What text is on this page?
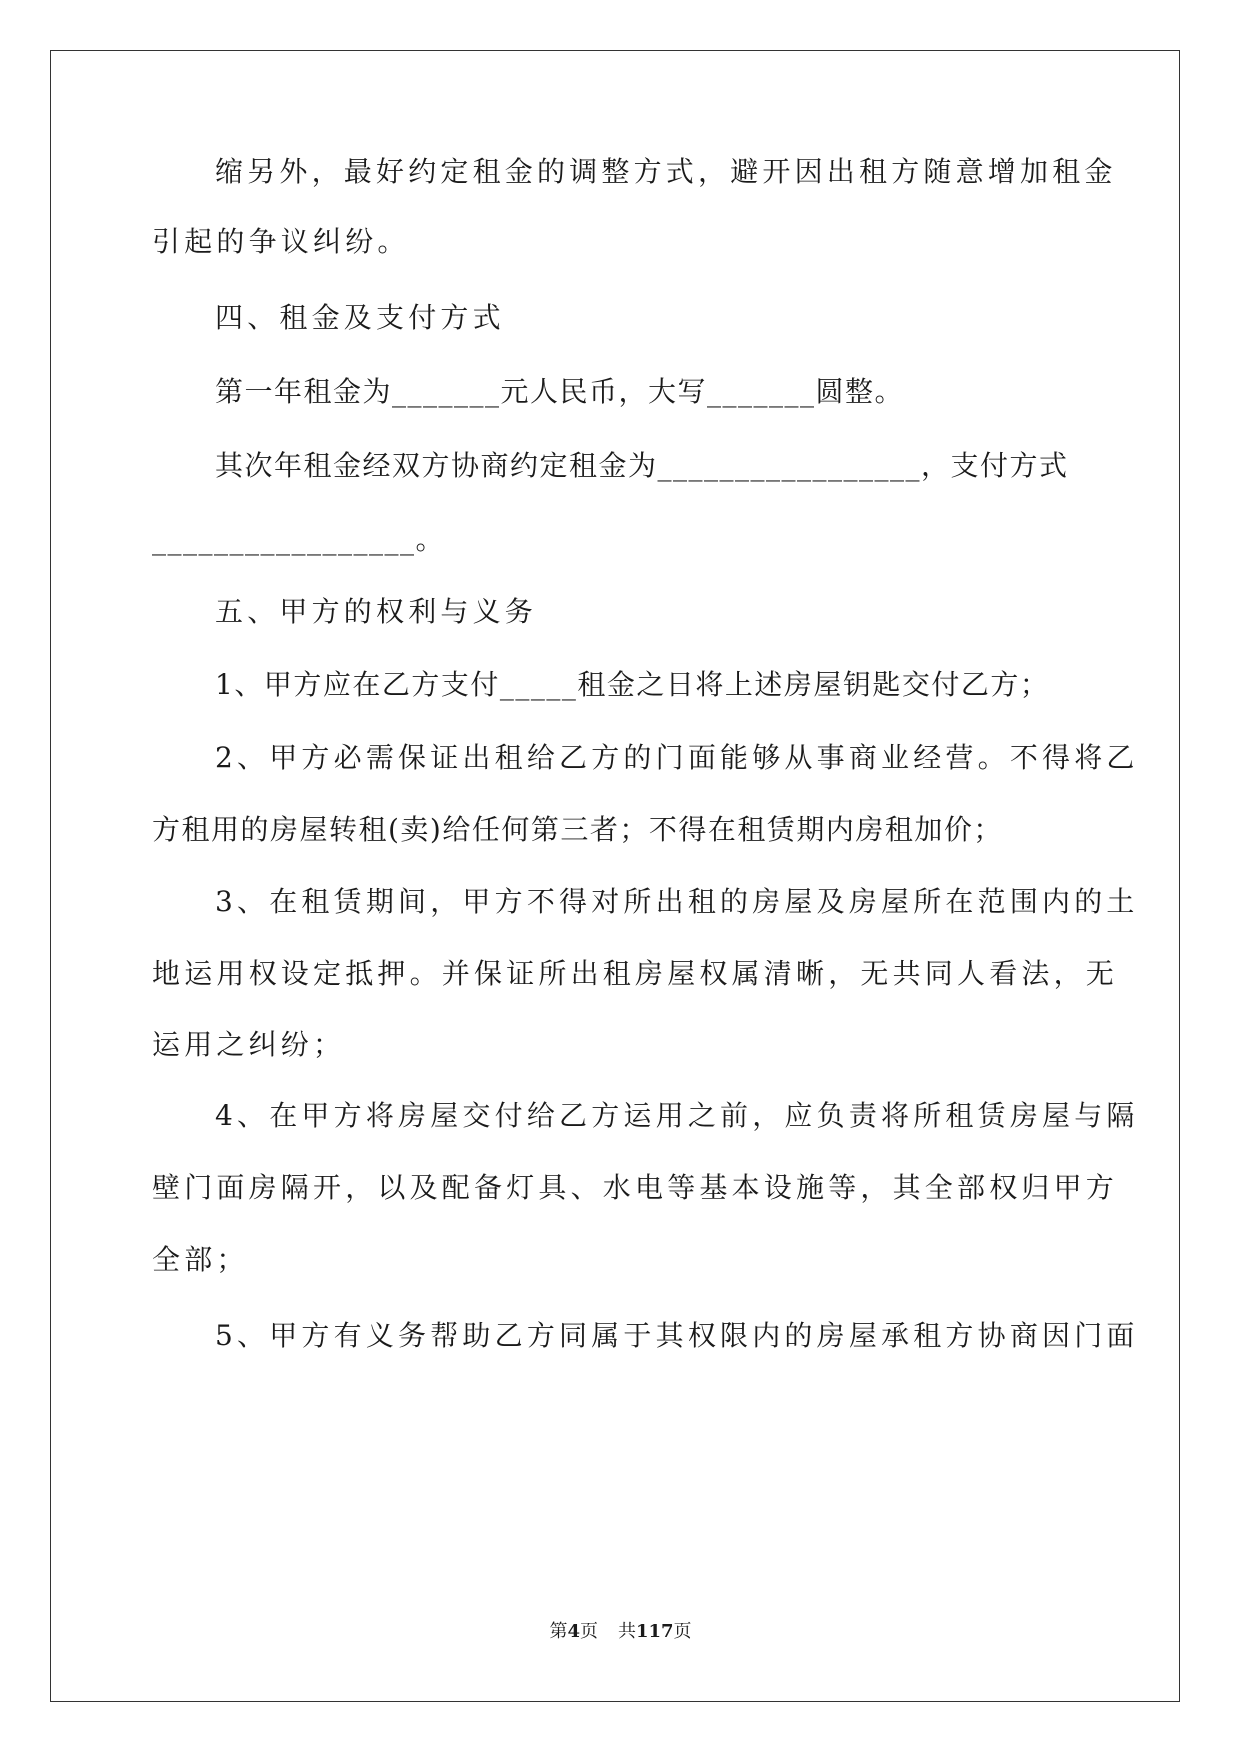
缩另外，最好约定租金的调整方式，避开因出租方随意增加租金
引起的争议纠纷。
四、租金及支付方式
第一年租金为_______元人民币，大写_______圆整。
其次年租金经双方协商约定租金为_________________，支付方式
_________________。
五、甲方的权利与义务
1、甲方应在乙方支付_____租金之日将上述房屋钥匙交付乙方；
2、甲方必需保证出租给乙方的门面能够从事商业经营。不得将乙
方租用的房屋转租(卖)给任何第三者；不得在租赁期内房租加价；
3、在租赁期间，甲方不得对所出租的房屋及房屋所在范围内的土
地运用权设定抵押。并保证所出租房屋权属清晰，无共同人看法，无
运用之纠纷；
4、在甲方将房屋交付给乙方运用之前，应负责将所租赁房屋与隔
壁门面房隔开，以及配备灯具、水电等基本设施等，其全部权归甲方
全部；
5、甲方有义务帮助乙方同属于其权限内的房屋承租方协商因门面
第4页 共117页
